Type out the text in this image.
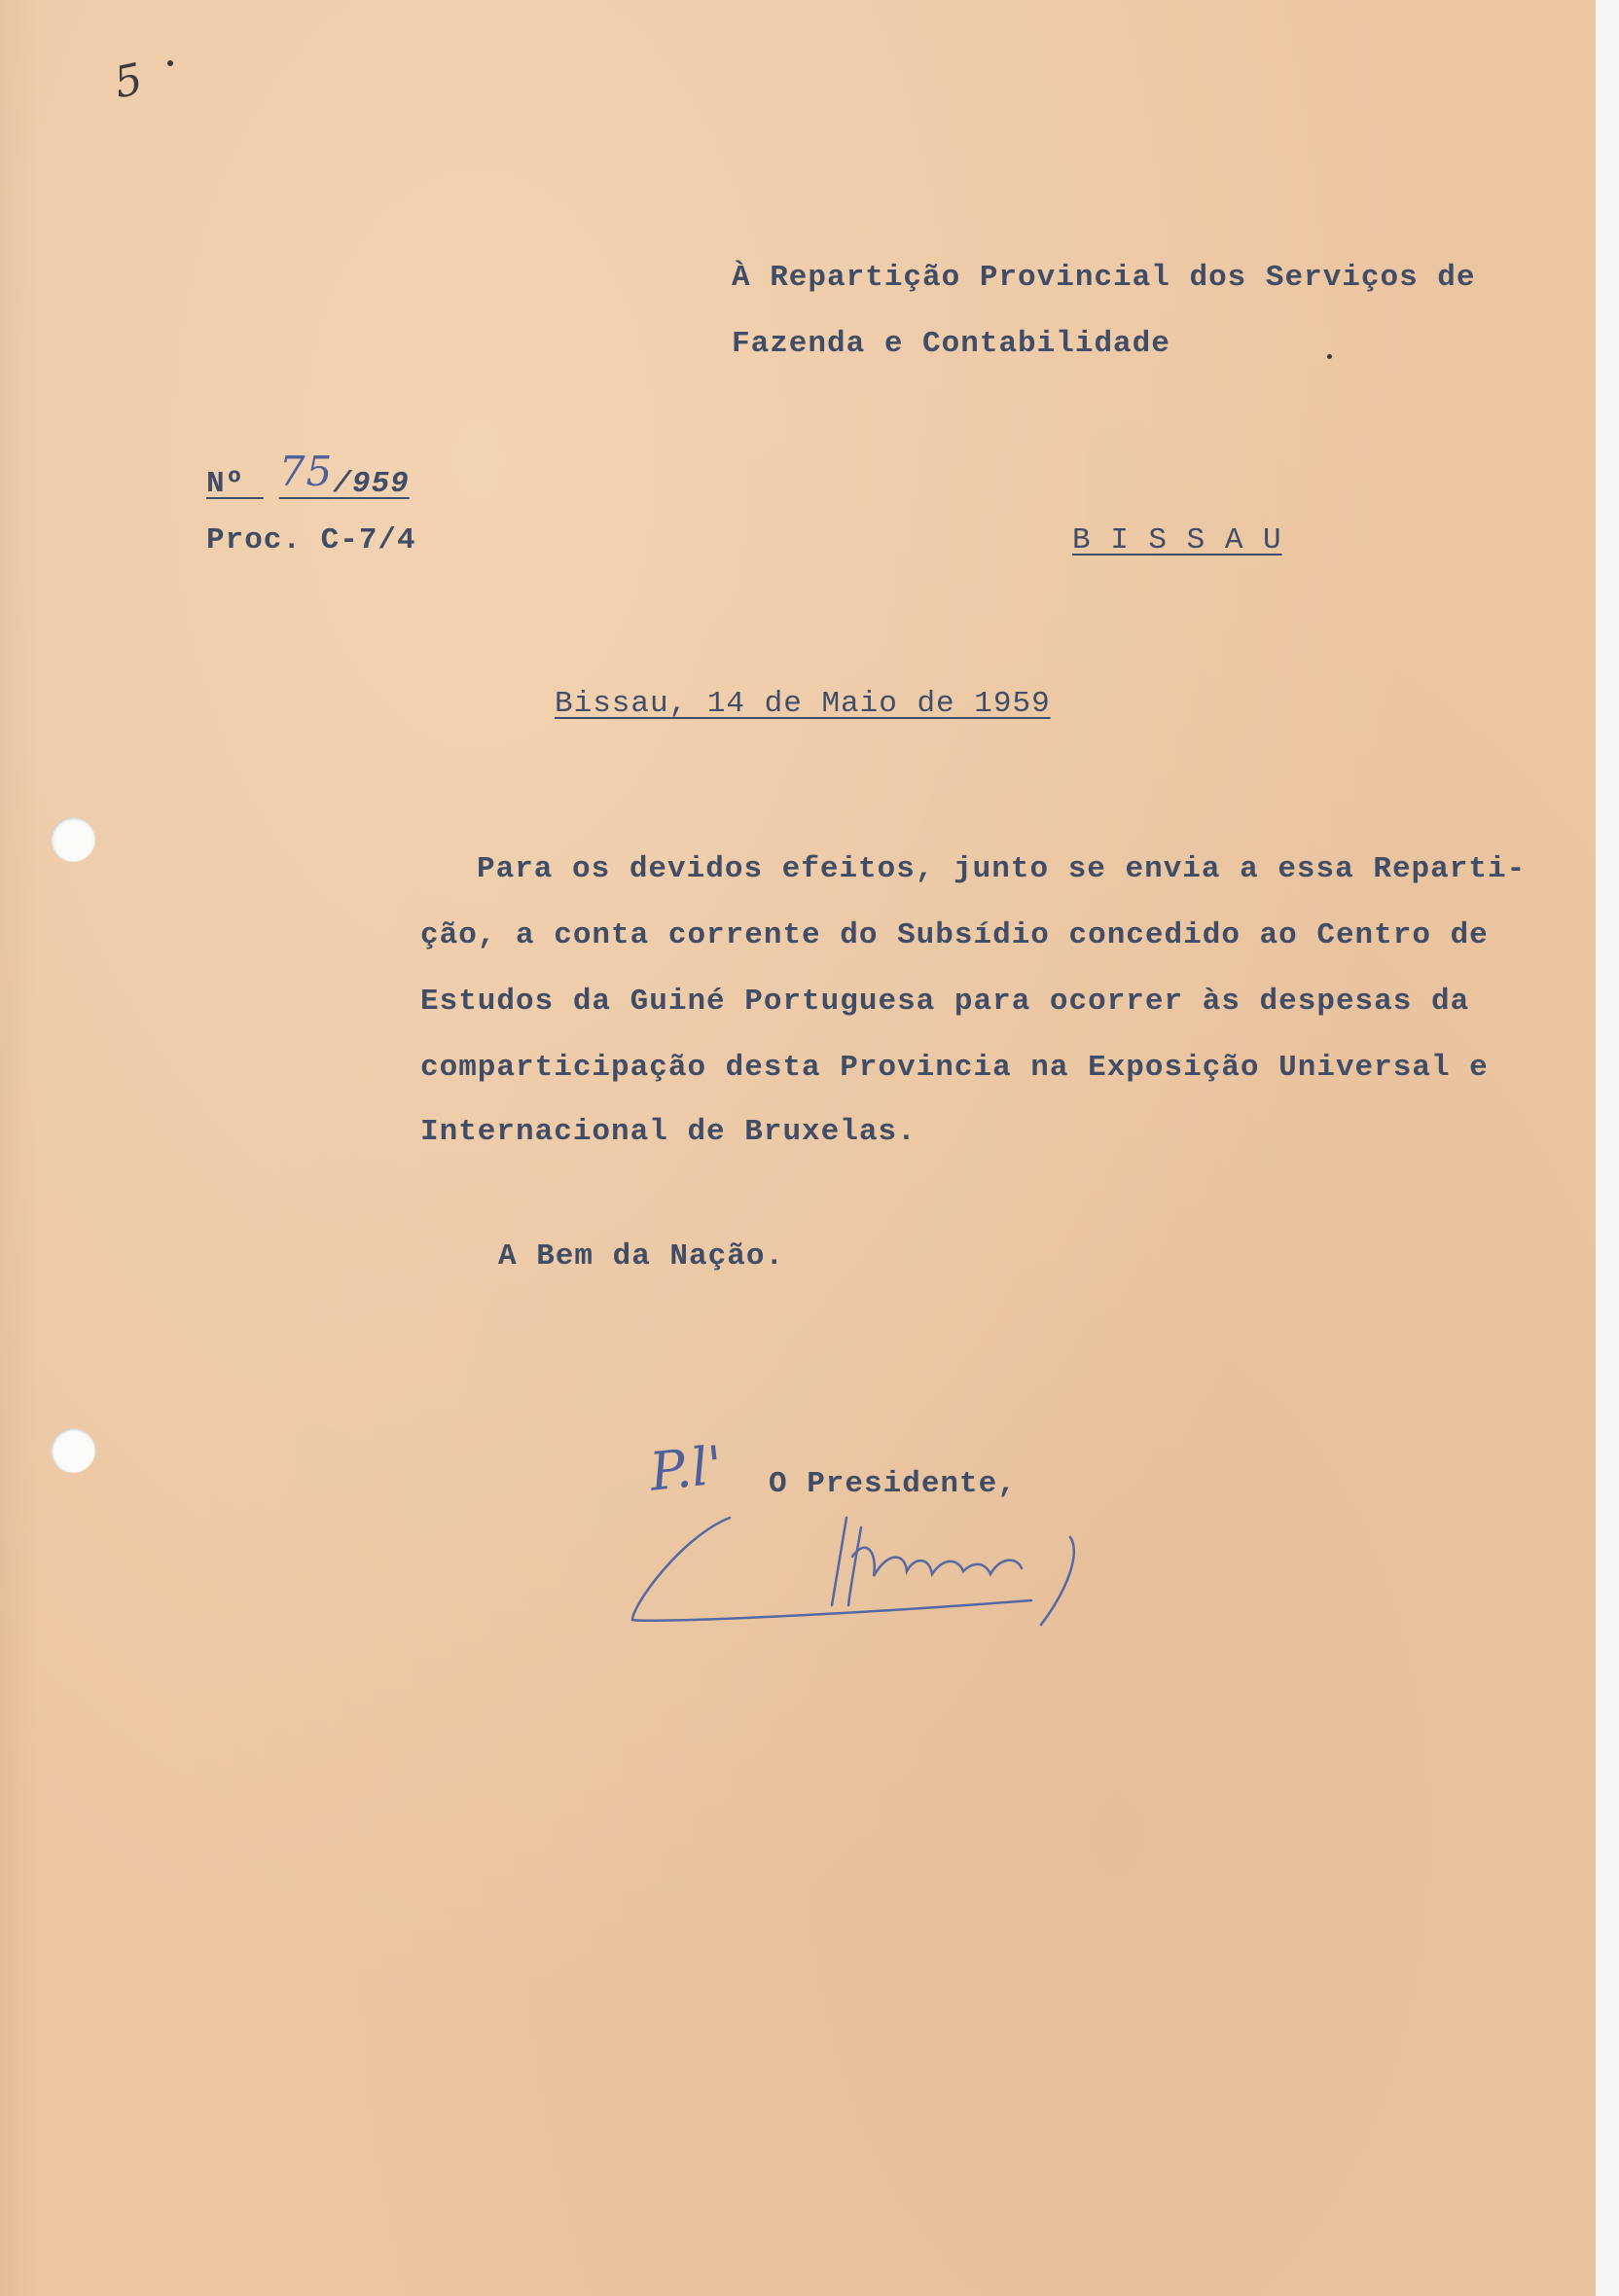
5
À Repartição Provincial dos Serviços de
Fazenda e Contabilidade
Nº 75/959
Proc. C-7/4	B I S S A U
Bissau, 14 de Maio de 1959
Para os devidos efeitos, junto se envia a essa Reparti-
ção, a conta corrente do Subsídio concedido ao Centro de
Estudos da Guiné Portuguesa para ocorrer às despesas da
comparticipação desta Provincia na Exposição Universal e
Internacional de Bruxelas.
A Bem da Nação.
P.l' O Presidente,
